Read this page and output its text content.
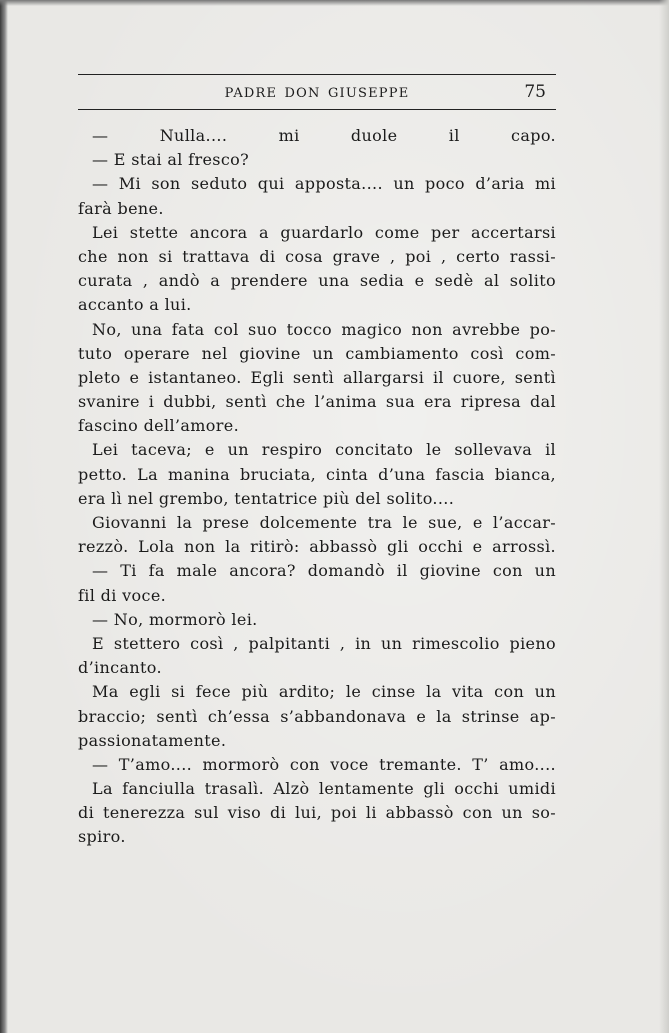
PADRE DON GIUSEPPE	75
— Nulla.... mi duole il capo.
— E stai al fresco?
— Mi son seduto qui apposta.... un poco d’aria mi
farà bene.
Lei stette ancora a guardarlo come per accertarsi
che non si trattava di cosa grave , poi , certo rassi-
curata , andò a prendere una sedia e sedè al solito
accanto a lui.
No, una fata col suo tocco magico non avrebbe po-
tuto operare nel giovine un cambiamento così com-
pleto e istantaneo. Egli sentì allargarsi il cuore, sentì
svanire i dubbi, sentì che l’anima sua era ripresa dal
fascino dell’amore.
Lei taceva; e un respiro concitato le sollevava il
petto. La manina bruciata, cinta d’una fascia bianca,
era lì nel grembo, tentatrice più del solito....
Giovanni la prese dolcemente tra le sue, e l’accar-
rezzò. Lola non la ritirò: abbassò gli occhi e arrossì.
— Ti fa male ancora? domandò il giovine con un
fil di voce.
— No, mormorò lei.
E stettero così , palpitanti , in un rimescolio pieno
d’incanto.
Ma egli si fece più ardito; le cinse la vita con un
braccio; sentì ch’essa s’abbandonava e la strinse ap-
passionatamente.
— T’amo.... mormorò con voce tremante. T’ amo....
La fanciulla trasalì. Alzò lentamente gli occhi umidi
di tenerezza sul viso di lui, poi li abbassò con un so-
spiro.
